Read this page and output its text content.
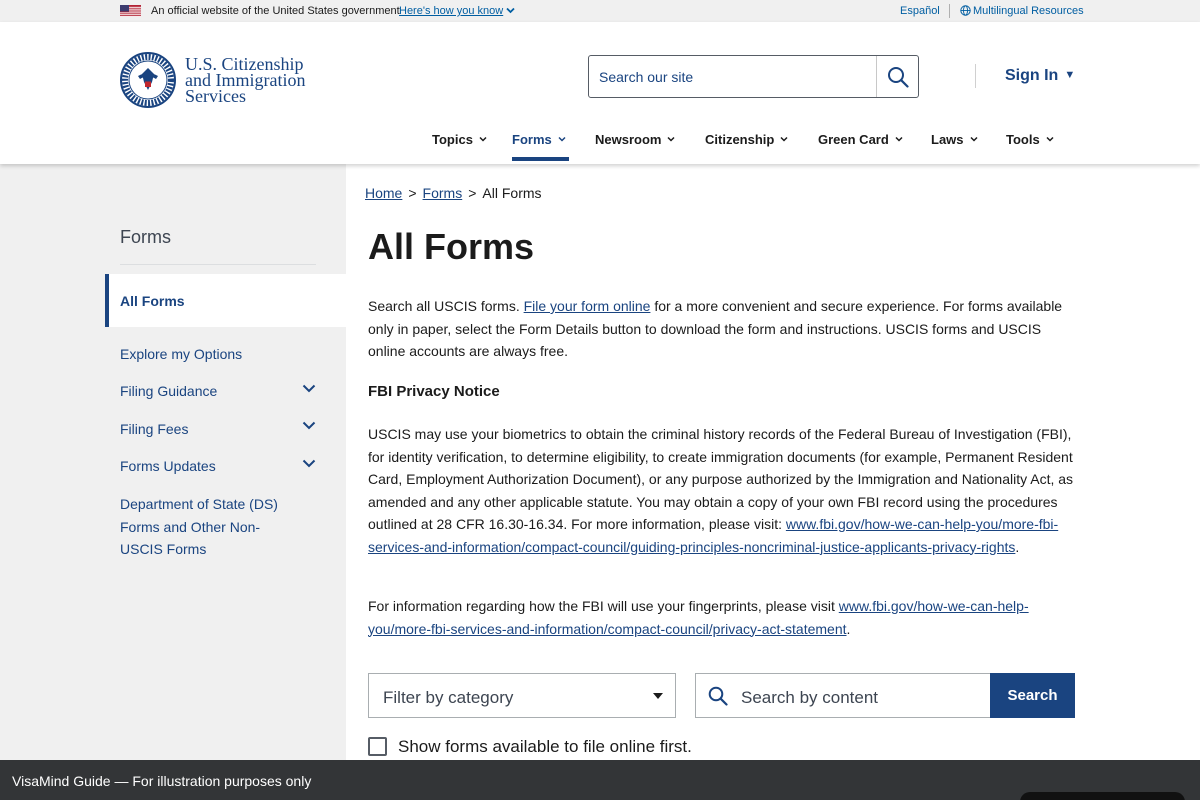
An official website of the United States government Here's how you know	Español	Multilingual Resources
U.S. Citizenship
and Immigration
Services
Search our site	Sign In ▼
Topics	Forms	Newsroom	Citizenship	Green Card	Laws	Tools
Forms
All Forms
Explore my Options
Filing Guidance
Filing Fees
Forms Updates
Department of State (DS) Forms and Other Non-USCIS Forms
Home > Forms > All Forms
All Forms
Search all USCIS forms. File your form online for a more convenient and secure experience. For forms available only in paper, select the Form Details button to download the form and instructions. USCIS forms and USCIS online accounts are always free.
FBI Privacy Notice
USCIS may use your biometrics to obtain the criminal history records of the Federal Bureau of Investigation (FBI), for identity verification, to determine eligibility, to create immigration documents (for example, Permanent Resident Card, Employment Authorization Document), or any purpose authorized by the Immigration and Nationality Act, as amended and any other applicable statute. You may obtain a copy of your own FBI record using the procedures outlined at 28 CFR 16.30-16.34. For more information, please visit: www.fbi.gov/how-we-can-help-you/more-fbi-services-and-information/compact-council/guiding-principles-noncriminal-justice-applicants-privacy-rights.
For information regarding how the FBI will use your fingerprints, please visit www.fbi.gov/how-we-can-help-you/more-fbi-services-and-information/compact-council/privacy-act-statement.
Filter by category	Search by content	Search
Show forms available to file online first.
VisaMind Guide — For illustration purposes only
